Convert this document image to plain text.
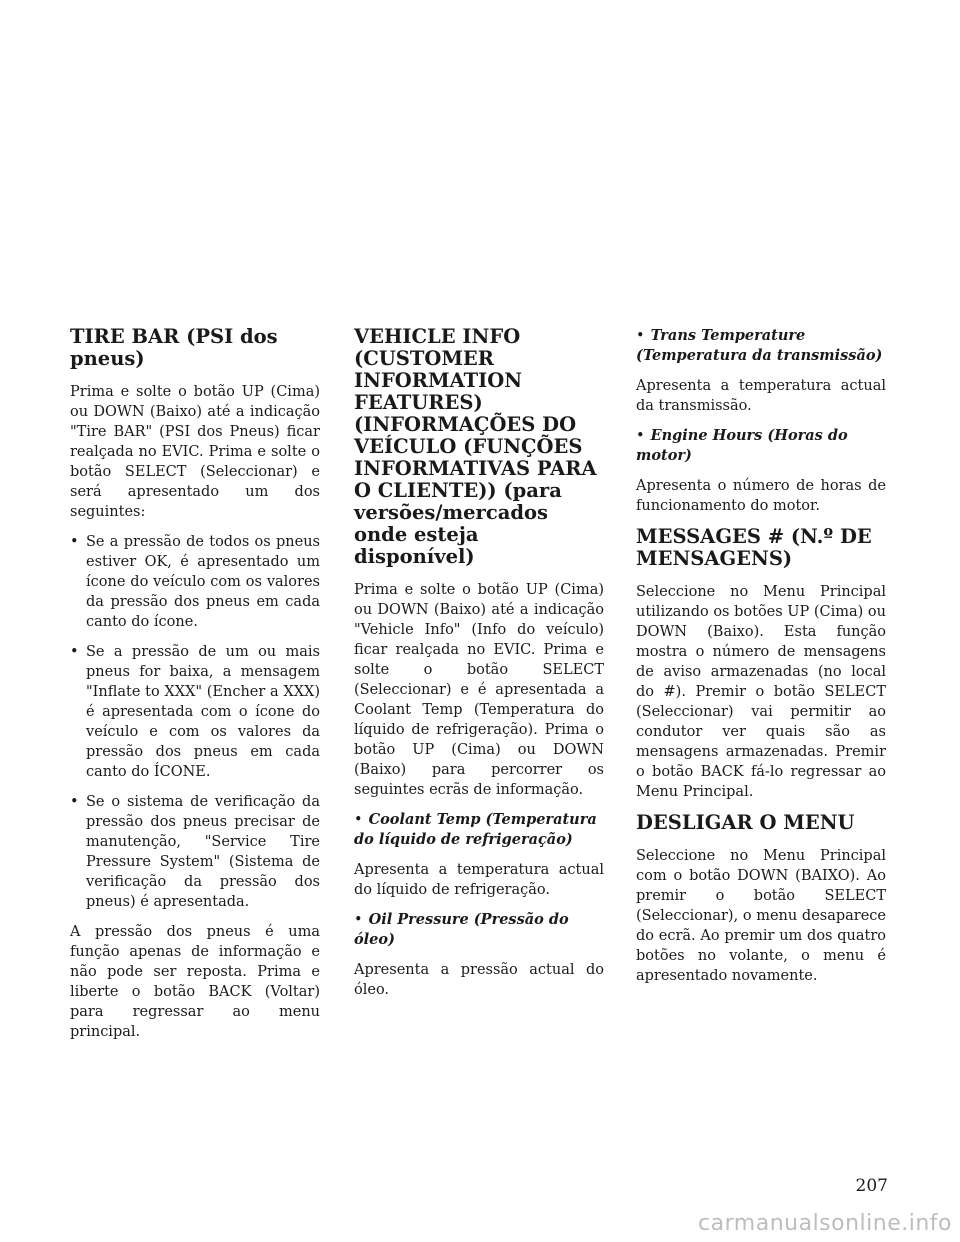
TIRE BAR (PSI dos pneus)

Prima e solte o botão UP (Cima) ou DOWN (Baixo) até a indicação "Tire BAR" (PSI dos Pneus) ficar realçada no EVIC. Prima e solte o botão SELECT (Seleccionar) e será apresentado um dos seguintes:

• Se a pressão de todos os pneus estiver OK, é apresentado um ícone do veículo com os valores da pressão dos pneus em cada canto do ícone.
• Se a pressão de um ou mais pneus for baixa, a mensagem "Inflate to XXX" (Encher a XXX) é apresentada com o ícone do veículo e com os valores da pressão dos pneus em cada canto do ÍCONE.
• Se o sistema de verificação da pressão dos pneus precisar de manutenção, "Service Tire Pressure System" (Sistema de verificação da pressão dos pneus) é apresentada.

A pressão dos pneus é uma função apenas de informação e não pode ser reposta. Prima e liberte o botão BACK (Voltar) para regressar ao menu principal.

VEHICLE INFO (CUSTOMER INFORMATION FEATURES) (INFORMAÇÕES DO VEÍCULO (FUNÇÕES INFORMATIVAS PARA O CLIENTE)) (para versões/mercados onde esteja disponível)

Prima e solte o botão UP (Cima) ou DOWN (Baixo) até a indicação "Vehicle Info" (Info do veículo) ficar realçada no EVIC. Prima e solte o botão SELECT (Seleccionar) e é apresentada a Coolant Temp (Temperatura do líquido de refrigeração). Prima o botão UP (Cima) ou DOWN (Baixo) para percorrer os seguintes ecrãs de informação.

• Coolant Temp (Temperatura do líquido de refrigeração)

Apresenta a temperatura actual do líquido de refrigeração.

• Oil Pressure (Pressão do óleo)

Apresenta a pressão actual do óleo.

• Trans Temperature (Temperatura da transmissão)

Apresenta a temperatura actual da transmissão.

• Engine Hours (Horas do motor)

Apresenta o número de horas de funcionamento do motor.

MESSAGES # (N.º DE MENSAGENS)

Seleccione no Menu Principal utilizando os botões UP (Cima) ou DOWN (Baixo). Esta função mostra o número de mensagens de aviso armazenadas (no local do #). Premir o botão SELECT (Seleccionar) vai permitir ao condutor ver quais são as mensagens armazenadas. Premir o botão BACK fá-lo regressar ao Menu Principal.

DESLIGAR O MENU

Seleccione no Menu Principal com o botão DOWN (BAIXO). Ao premir o botão SELECT (Seleccionar), o menu desaparece do ecrã. Ao premir um dos quatro botões no volante, o menu é apresentado novamente.

207
carmanualsonline.info
